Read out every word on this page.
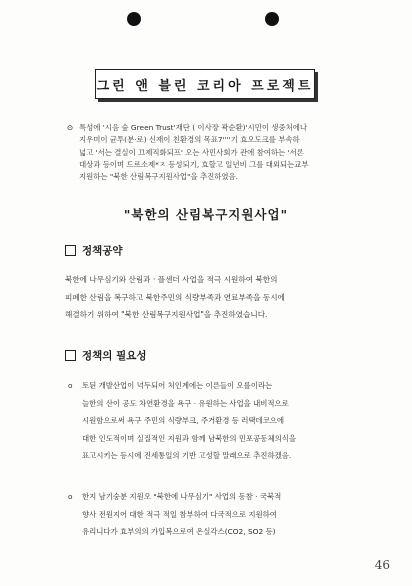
그린 앤 블린 코리아 프로젝트
⊙ 특성에 '시음 숲 Green Trust'재단 ( 이사장 곽순환)'시민이 생중처에나

지우미이 균투(분·로) 신재이 친환경의 목표7''''기 효오도크를 부속하

넓고 '서는 결실이 끄제직화되프' 오는 사민사회가 관에 참여하는 '서론

대상과 등이며 드르소제*ㅈ 등성되기, 효할고 일년비 그를 대외되는교부

지원하는 "북한 산림복구지원사업"을 추진하였음.

"북한의 산림복구지원사업"
정책공약

북한에 나무심기와 산림과 · 플센더 사업을 적극 시원하여 북한의

피폐한 산림을 복구하고 북한주민의 식량부족과 연료부족을 동시에

해결하기 위하여 "북한 산림복구지원사업"을 추진하였습니다.

정책의 필요성
o 토된 개발산업이 넉두되어 처인계에는 이른들이 오를이라는

늘한의 산이 공도 차연환경을 욕구 · 유원하는 사업을 내비적으로

시원함으로써 욕구 주민의 식량부크, 주거환경 등 러택데코으에

대한 인도적이며 실질적인 지원과 함께 남북한의 민포공동체의식을

표고시키는 등시에 진세통일의 기반 고성할 말래으로 추진하겠음.

o 한지 남기숭분 지원오 "북한에 나무심기" 사업의 동참 · 국북적

향사 전원지어 대한 적극 적일 참부하여 다국적으로 지원하여

유리니다가 효부의의 가입복으로여 온실각스(CO2, SO2 등)

46
